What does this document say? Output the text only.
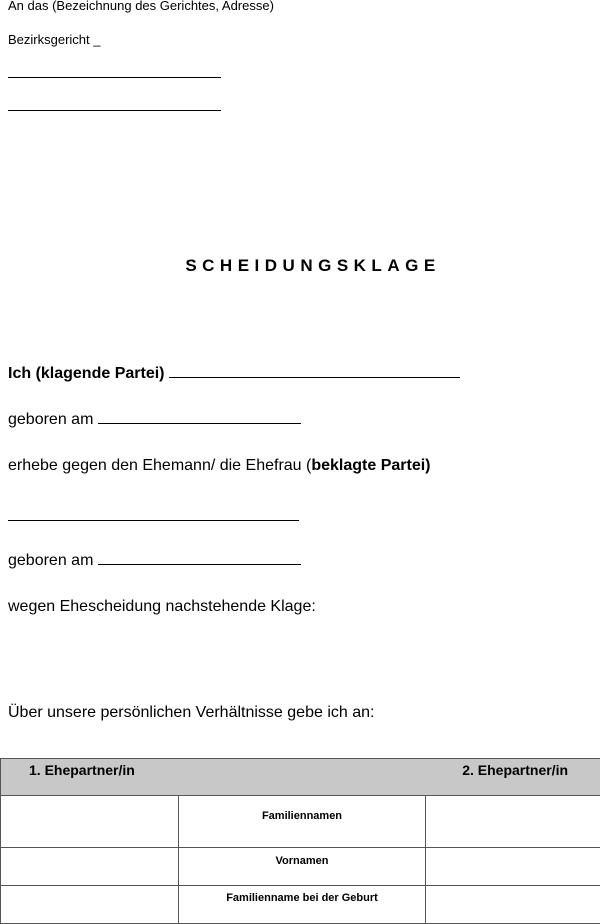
An das (Bezeichnung des Gerichtes, Adresse)
Bezirksgericht _
SCHEIDUNGSKLAGE
Ich (klagende Partei)
geboren am
erhebe gegen den Ehemann/ die Ehefrau (beklagte Partei)
geboren am
wegen Ehescheidung nachstehende Klage:
Über unsere persönlichen Verhältnisse gebe ich an:
1. Ehepartner/in 2. Ehepartner/in		

	Familiennamen	
	Vornamen	
	Familienname bei der Geburt	
